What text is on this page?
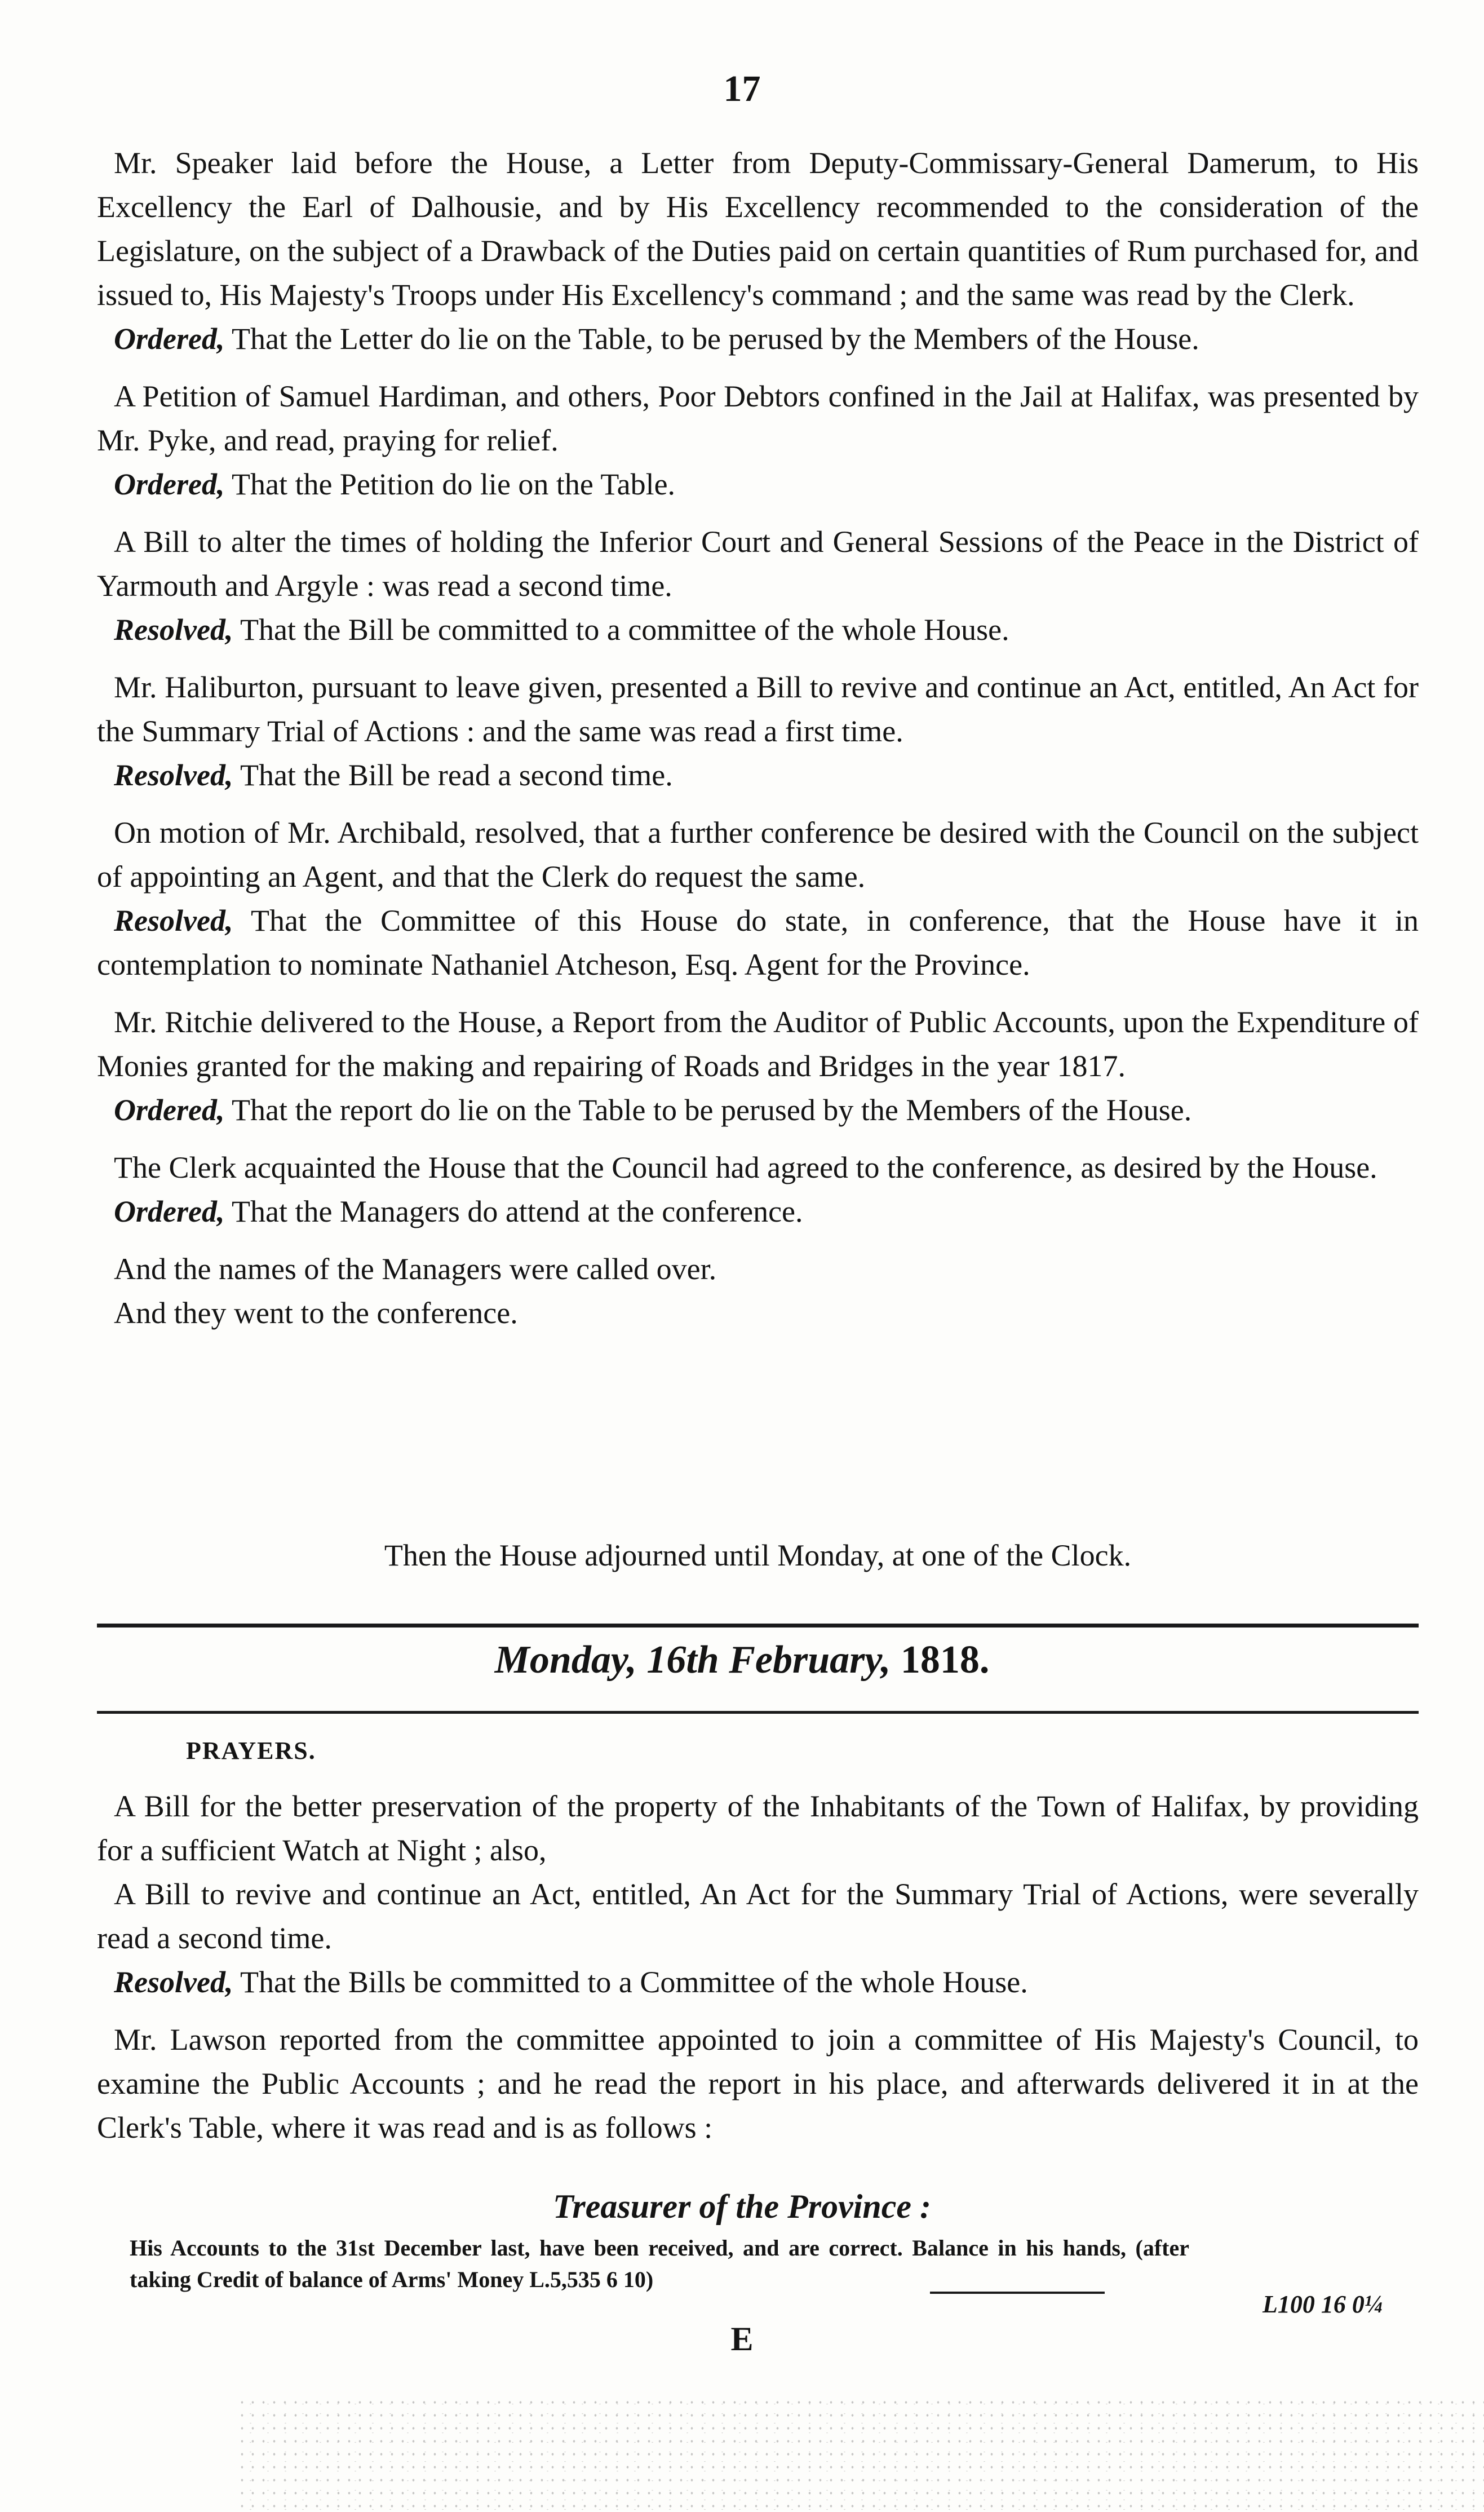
17

Mr. Speaker laid before the House, a Letter from Deputy-Commissary-General Damerum, to His Excellency the Earl of Dalhousie, and by His Excellency recommended to the consideration of the Legislature, on the subject of a Drawback of the Duties paid on certain quantities of Rum purchased for, and issued to, His Majesty's Troops under His Excellency's command ; and the same was read by the Clerk.

Ordered, That the Letter do lie on the Table, to be perused by the Members of the House.

A Petition of Samuel Hardiman, and others, Poor Debtors confined in the Jail at Halifax, was presented by Mr. Pyke, and read, praying for relief.

Ordered, That the Petition do lie on the Table.

A Bill to alter the times of holding the Inferior Court and General Sessions of the Peace in the District of Yarmouth and Argyle : was read a second time.

Resolved, That the Bill be committed to a committee of the whole House.

Mr. Haliburton, pursuant to leave given, presented a Bill to revive and continue an Act, entitled, An Act for the Summary Trial of Actions : and the same was read a first time.

Resolved, That the Bill be read a second time.

On motion of Mr. Archibald, resolved, that a further conference be desired with the Council on the subject of appointing an Agent, and that the Clerk do request the same.

Resolved, That the Committee of this House do state, in conference, that the House have it in contemplation to nominate Nathaniel Atcheson, Esq. Agent for the Province.

Mr. Ritchie delivered to the House, a Report from the Auditor of Public Accounts, upon the Expenditure of Monies granted for the making and repairing of Roads and Bridges in the year 1817.

Ordered, That the report do lie on the Table to be perused by the Members of the House.

The Clerk acquainted the House that the Council had agreed to the conference, as desired by the House.

Ordered, That the Managers do attend at the conference.

And the names of the Managers were called over.

And they went to the conference.

Then the House adjourned until Monday, at one of the Clock.

Monday, 16th February, 1818.
PRAYERS.

A Bill for the better preservation of the property of the Inhabitants of the Town of Halifax, by providing for a sufficient Watch at Night ; also,

A Bill to revive and continue an Act, entitled, An Act for the Summary Trial of Actions, were severally read a second time.

Resolved, That the Bills be committed to a Committee of the whole House.

Mr. Lawson reported from the committee appointed to join a committee of His Majesty's Council, to examine the Public Accounts ; and he read the report in his place, and afterwards delivered it in at the Clerk's Table, where it was read and is as follows :

Treasurer of the Province :
His Accounts to the 31st December last, have been received, and are correct. Balance in his hands, (after taking Credit of balance of Arms' Money L.5,535 6 10)
L100 16 0¼
E
